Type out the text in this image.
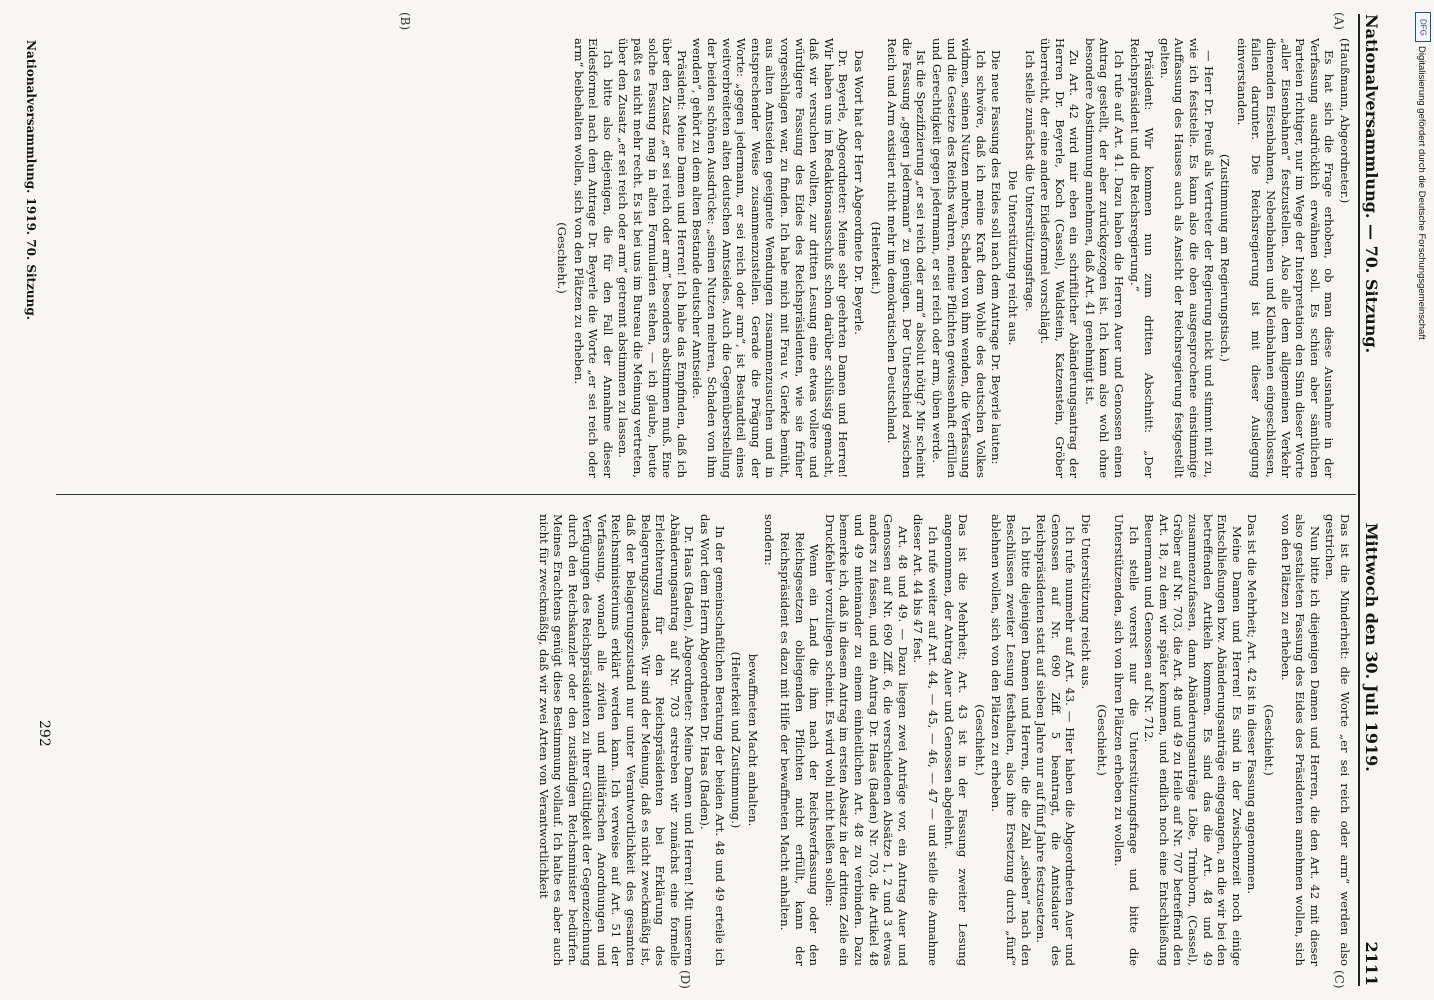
Nationalversammlung. — 70. Sitzung.
Mittwoch den 30. Juli 1919.
2111
(A)
(B)
(C)
(D)

(Haußmann, Abgeordneter.)

Es hat sich die Frage erhoben, ob man diese Ausnahme in der Verfassung ausdrücklich erwähnen soll. Es schien aber sämtlichen Parteien richtiger, nur im Wege der Interpretation den Sinn dieser Worte „aller Eisenbahnen“ festzustellen. Also alle dem allgemeinen Verkehr dienenden Eisenbahnen, Nebenbahnen und Kleinbahnen eingeschlossen, fallen darunter. Die Reichsregierung ist mit dieser Auslegung einverstanden.

(Zustimmung am Regierungstisch.)

— Herr Dr. Preuß als Vertreter der Regierung nickt und stimmt mit zu, wie ich feststelle. Es kann also die oben ausgesprochene einstimmige Auffassung des Hauses auch als Ansicht der Reichsregierung festgestellt gelten.

Präsident: Wir kommen nun zum dritten Abschnitt: „Der Reichspräsident und die Reichsregierung.“

Ich rufe auf Art. 41. Dazu haben die Herren Auer und Genossen einen Antrag gestellt, der aber zurückgezogen ist. Ich kann also wohl ohne besondere Abstimmung annehmen, daß Art. 41 genehmigt ist.

Zu Art. 42 wird mir eben ein schriftlicher Abänderungsantrag der Herren Dr. Beyerle, Koch (Cassel), Waldstein, Katzenstein, Gröber überreicht, der eine andere Eidesformel vorschlägt.

Ich stelle zunächst die Unterstützungsfrage.

Die Unterstützung reicht aus.

Die neue Fassung des Eides soll nach dem Antrage Dr. Beyerle lauten:

Ich schwöre, daß ich meine Kraft dem Wohle des deutschen Volkes widmen, seinen Nutzen mehren, Schaden von ihm wenden, die Verfassung und die Gesetze des Reichs wahren, meine Pflichten gewissenhaft erfüllen und Gerechtigkeit gegen jedermann, er sei reich oder arm, üben werde.

Ist die Spezifizierung „er sei reich oder arm“ absolut nötig? Mir scheint die Fassung „gegen jedermann“ zu genügen. Der Unterschied zwischen Reich und Arm existiert nicht mehr im demokratischen Deutschland.

(Heiterkeit.)

Das Wort hat der Herr Abgeordnete Dr. Beyerle.

Dr. Beyerle, Abgeordneter: Meine sehr geehrten Damen und Herren! Wir haben uns im Redaktionsausschuß schon darüber schlüssig gemacht, daß wir versuchen wollten, zur dritten Lesung eine etwas vollere und würdigere Fassung des Eides des Reichspräsidenten, wie sie früher vorgeschlagen war, zu finden. Ich habe mich mit Frau v. Gierke bemüht, aus alten Amtseiden geeignete Wendungen zusammenzusuchen und in entsprechender Weise zusammenzustellen. Gerade die Prägung der Worte: „gegen jedermann, er sei reich oder arm“, ist Bestandteil eines weitverbreiteten alten deutschen Amtseides. Auch die Gegenüberstellung der beiden schönen Ausdrücke: „seinen Nutzen mehren, Schaden von ihm wenden“, gehört zu dem alten Bestande deutscher Amtseide.

Präsident: Meine Damen und Herren! Ich habe das Empfinden, daß ich über den Zusatz „er sei reich oder arm“ besonders abstimmen muß. Eine solche Fassung mag in alten Formularien stehen, — ich glaube, heute paßt es nicht mehr recht. Es ist bei uns im Bureau die Meinung vertreten, über den Zusatz „er sei reich oder arm“ getrennt abstimmen zu lassen.

Ich bitte also diejenigen, die für den Fall der Annahme dieser Eidesformel nach dem Antrage Dr. Beyerle die Worte „er sei reich oder arm“ beibehalten wollen, sich von den Plätzen zu erheben.

(Geschieht.)

Das ist die Minderheit: die Worte „er sei reich oder arm“ werden also gestrichen.

Nun bitte ich diejenigen Damen und Herren, die den Art. 42 mit dieser also gestalteten Fassung des Eides des Präsidenten annehmen wollen, sich von den Plätzen zu erheben.

(Geschieht.)

Das ist die Mehrheit; Art. 42 ist in dieser Fassung angenommen.

Meine Damen und Herren! Es sind in der Zwischenzeit noch einige Entschließungen bzw. Abänderungsanträge eingegangen, an die wir bei den betreffenden Artikeln kommen. Es sind das die Art. 48 und 49 zusammenzufassen, dann Abänderungsanträge Löbe, Trimborn, (Cassel), Gröber auf Nr. 703, die Art. 48 und 49 zu Heile auf Nr. 707 betreffend den Art. 18, zu dem wir später kommen, und endlich noch eine Entschließung Beuermann und Genossen auf Nr. 712.

Ich stelle vorerst nur die Unterstützungsfrage und bitte die Unterstützenden, sich von ihren Plätzen erheben zu wollen.

(Geschieht.)

Die Unterstützung reicht aus.

Ich rufe nunmehr auf Art. 43. — Hier haben die Abgeordneten Auer und Genossen auf Nr. 690 Ziff. 5 beantragt, die Amtsdauer des Reichspräsidenten statt auf sieben Jahre nur auf fünf Jahre festzusetzen.

Ich bitte diejenigen Damen und Herren, die die Zahl „sieben“ nach den Beschlüssen zweiter Lesung festhalten, also ihre Ersetzung durch „fünf“ ablehnen wollen, sich von den Plätzen zu erheben.

(Geschieht.)

Das ist die Mehrheit; Art. 43 ist in der Fassung zweiter Lesung angenommen, der Antrag Auer und Genossen abgelehnt.

Ich rufe weiter auf Art. 44, — 45, — 46, — 47 — und stelle die Annahme dieser Art. 44 bis 47 fest.

Art. 48 und 49. — Dazu liegen zwei Anträge vor, ein Antrag Auer und Genossen auf Nr. 690 Ziff. 6, die verschiedenen Absätze 1, 2 und 3 etwas anders zu fassen, und ein Antrag Dr. Haas (Baden) Nr. 703, die Artikel 48 und 49 miteinander zu einem einheitlichen Art. 48 zu verbinden. Dazu bemerke ich, daß in diesem Antrag im ersten Absatz in der dritten Zeile ein Druckfehler vorzuliegen scheint. Es wird wohl nicht heißen sollen:

Wenn ein Land die ihm nach der Reichsverfassung oder den Reichsgesetzen obliegenden Pflichten nicht erfüllt, kann der Reichspräsident es dazu mit Hilfe der bewaffneten Macht anhalten.

sondern:

bewaffneten Macht anhalten.

(Heiterkeit und Zustimmung.)

In der gemeinschaftlichen Beratung der beiden Art. 48 und 49 erteile ich das Wort dem Herrn Abgeordneten Dr. Haas (Baden).

Dr. Haas (Baden), Abgeordneter: Meine Damen und Herren! Mit unserem Abänderungsantrag auf Nr. 703 erstreben wir zunächst eine formelle Erleichterung für den Reichspräsidenten bei Erklärung des Belagerungszustandes. Wir sind der Meinung, daß es nicht zweckmäßig ist, daß der Belagerungszustand nur unter Verantwortlichkeit des gesamten Reichsministeriums erklärt werden kann. Ich verweise auf Art. 51 der Verfassung, wonach alle zivilen und militärischen Anordnungen und Verfügungen des Reichspräsidenten zu ihrer Gültigkeit der Gegenzeichnung durch den Reichskanzler oder den zuständigen Reichsminister bedürfen. Meines Erachtens genügt diese Bestimmung vollauf. Ich halte es aber auch nicht für zweckmäßig, daß wir zwei Arten von Verantwortlichkeit

Nationalversammlung. 1919. 70. Sitzung.
292
DFG
Digitalisierung gefördert durch die Deutsche Forschungsgemeinschaft
